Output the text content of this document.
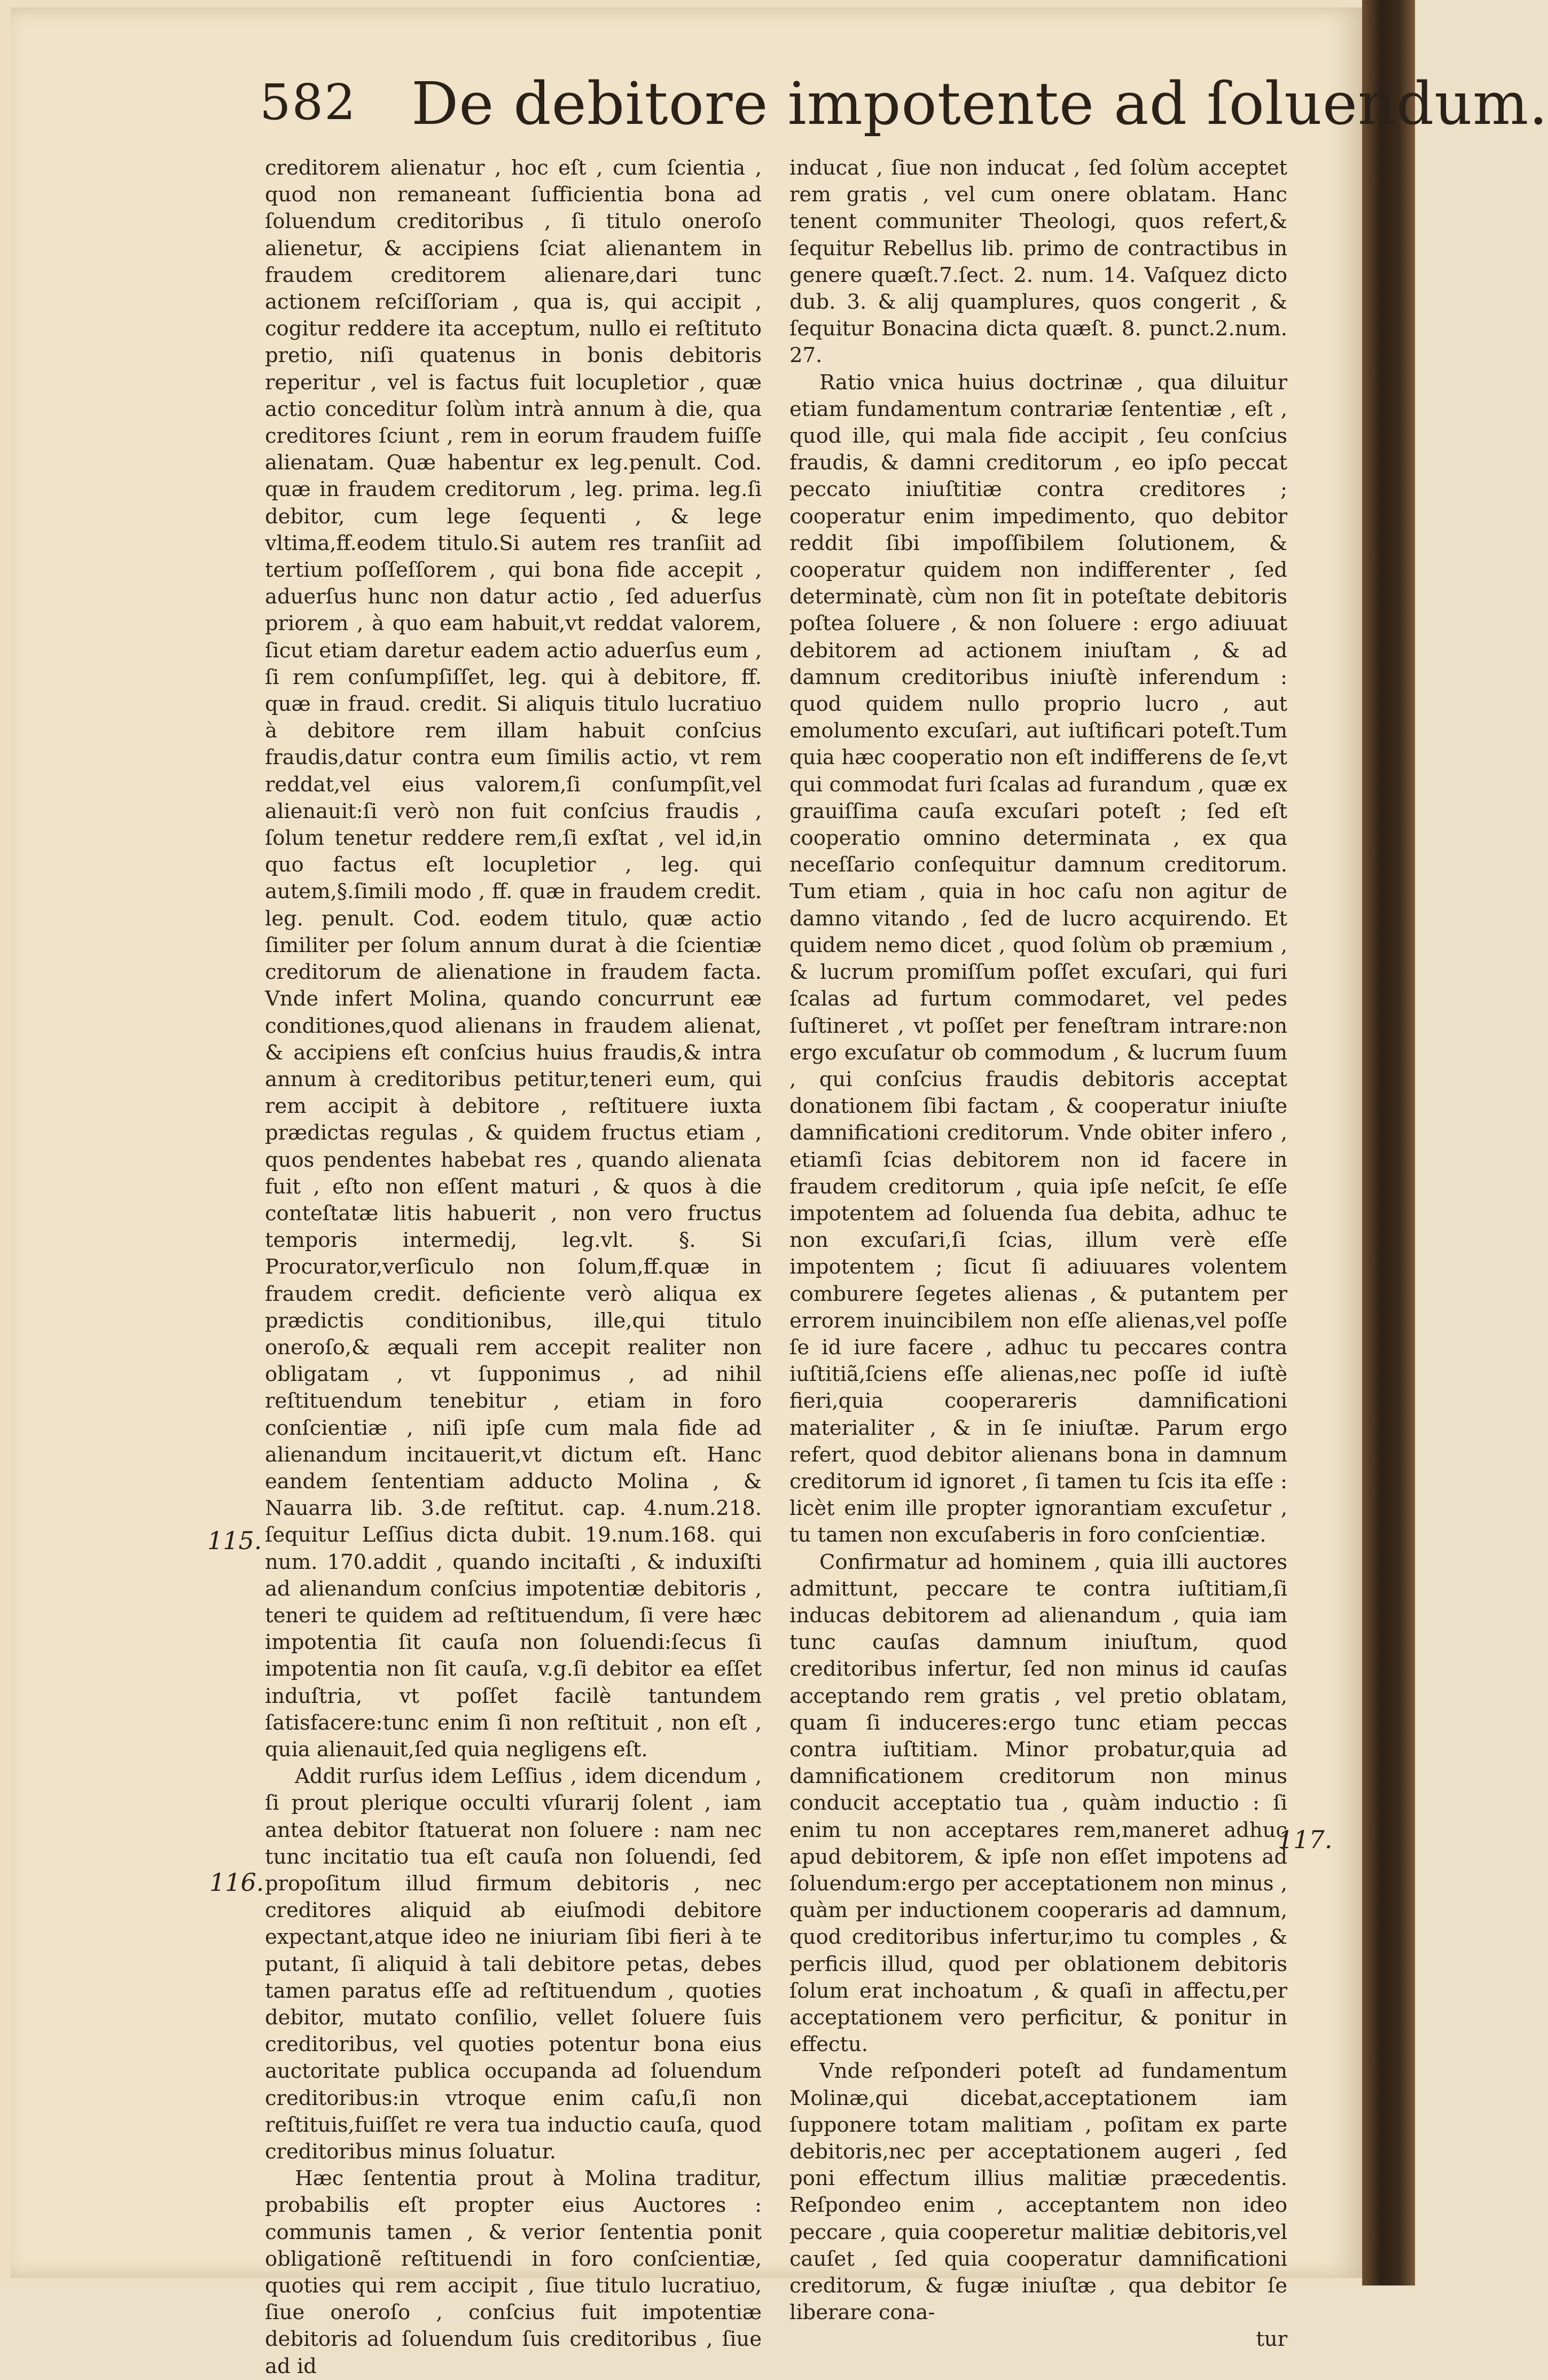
582 De debitore impotente ad ſoluendum.

creditorem alienatur , hoc eſt , cum ſcientia , quod non remaneant ſufficientia bona ad ſoluendum creditoribus , ſi titulo oneroſo alienetur, & accipiens ſciat alienantem in fraudem creditorem alienare,dari tunc actionem reſciſſoriam , qua is, qui accipit , cogitur reddere ita acceptum, nullo ei reſtituto pretio, niſi quatenus in bonis debitoris reperitur , vel is factus fuit locupletior , quæ actio conceditur ſolùm intrà annum à die, qua creditores ſciunt , rem in eorum fraudem fuiſſe alienatam. Quæ habentur ex leg.penult. Cod. quæ in fraudem creditorum , leg. prima. leg.ſi debitor, cum lege ſequenti , & lege vltima,ff.eodem titulo.Si autem res tranſiit ad tertium poſſeſſorem , qui bona fide accepit , aduerſus hunc non datur actio , ſed aduerſus priorem , à quo eam habuit,vt reddat valorem, ſicut etiam daretur eadem actio aduerſus eum , ſi rem conſumpſiſſet, leg. qui à debitore, ff. quæ in fraud. credit. Si aliquis titulo lucratiuo à debitore rem illam habuit conſcius fraudis,datur contra eum ſimilis actio, vt rem reddat,vel eius valorem,ſi conſumpſit,vel alienauit:ſi verò non fuit conſcius fraudis , ſolum tenetur reddere rem,ſi exſtat , vel id,in quo factus eſt locupletior , leg. qui autem,§.ſimili modo , ff. quæ in fraudem credit. leg. penult. Cod. eodem titulo, quæ actio ſimiliter per ſolum annum durat à die ſcientiæ creditorum de alienatione in fraudem facta. Vnde infert Molina, quando concurrunt eæ conditiones,quod alienans in fraudem alienat, & accipiens eſt conſcius huius fraudis,& intra annum à creditoribus petitur,teneri eum, qui rem accipit à debitore , reſtituere iuxta prædictas regulas , & quidem fructus etiam , quos pendentes habebat res , quando alienata fuit , eſto non eſſent maturi , & quos à die conteſtatæ litis habuerit , non vero fructus temporis intermedij, leg.vlt. §. Si Procurator,verſiculo non ſolum,ff.quæ in fraudem credit. deficiente verò aliqua ex prædictis conditionibus, ille,qui titulo oneroſo,& æquali rem accepit realiter non obligatam , vt ſupponimus , ad nihil reſtituendum tenebitur , etiam in foro conſcientiæ , niſi ipſe cum mala fide ad alienandum incitauerit,vt dictum eſt. Hanc eandem ſententiam adducto Molina , & Nauarra lib. 3.de reſtitut. cap. 4.num.218. ſequitur Leſſius dicta dubit. 19.num.168. qui num. 170.addit , quando incitaſti , & induxiſti ad alienandum conſcius impotentiæ debitoris , teneri te quidem ad reſtituendum, ſi vere hæc impotentia ſit cauſa non ſoluendi:ſecus ſi impotentia non ſit cauſa, v.g.ſi debitor ea eſſet induſtria, vt poſſet facilè tantundem ſatisfacere:tunc enim ſi non reſtituit , non eſt , quia alienauit,ſed quia negligens eſt.

Addit rurſus idem Leſſius , idem dicendum , ſi prout plerique occulti vſurarij ſolent , iam antea debitor ſtatuerat non ſoluere : nam nec tunc incitatio tua eſt cauſa non ſoluendi, ſed propoſitum illud firmum debitoris , nec creditores aliquid ab eiuſmodi debitore expectant,atque ideo ne iniuriam ſibi fieri à te putant, ſi aliquid à tali debitore petas, debes tamen paratus eſſe ad reſtituendum , quoties debitor, mutato conſilio, vellet ſoluere ſuis creditoribus, vel quoties potentur bona eius auctoritate publica occupanda ad ſoluendum creditoribus:in vtroque enim caſu,ſi non reſtituis,fuiſſet re vera tua inductio cauſa, quod creditoribus minus ſoluatur.

Hæc ſententia prout à Molina traditur, probabilis eſt propter eius Auctores : communis tamen , & verior ſententia ponit obligationẽ reſtituendi in foro conſcientiæ, quoties qui rem accipit , ſiue titulo lucratiuo, ſiue oneroſo , conſcius fuit impotentiæ debitoris ad ſoluendum ſuis creditoribus , ſiue ad id

inducat , ſiue non inducat , ſed ſolùm acceptet rem gratis , vel cum onere oblatam. Hanc tenent communiter Theologi, quos refert,& ſequitur Rebellus lib. primo de contractibus in genere quæſt.7.ſect. 2. num. 14. Vaſquez dicto dub. 3. & alij quamplures, quos congerit , & ſequitur Bonacina dicta quæſt. 8. punct.2.num. 27.

Ratio vnica huius doctrinæ , qua diluitur etiam fundamentum contrariæ ſententiæ , eſt , quod ille, qui mala fide accipit , ſeu conſcius fraudis, & damni creditorum , eo ipſo peccat peccato iniuſtitiæ contra creditores ; cooperatur enim impedimento, quo debitor reddit ſibi impoſſibilem ſolutionem, & cooperatur quidem non indifferenter , ſed determinatè, cùm non ſit in poteſtate debitoris poſtea ſoluere , & non ſoluere : ergo adiuuat debitorem ad actionem iniuſtam , & ad damnum creditoribus iniuſtè inferendum : quod quidem nullo proprio lucro , aut emolumento excuſari, aut iuſtificari poteſt.Tum quia hæc cooperatio non eſt indifferens de ſe,vt qui commodat furi ſcalas ad furandum , quæ ex grauiſſima cauſa excuſari poteſt ; ſed eſt cooperatio omnino determinata , ex qua neceſſario conſequitur damnum creditorum. Tum etiam , quia in hoc caſu non agitur de damno vitando , ſed de lucro acquirendo. Et quidem nemo dicet , quod ſolùm ob præmium , & lucrum promiſſum poſſet excuſari, qui furi ſcalas ad furtum commodaret, vel pedes ſuſtineret , vt poſſet per feneſtram intrare:non ergo excuſatur ob commodum , & lucrum ſuum , qui conſcius fraudis debitoris acceptat donationem ſibi factam , & cooperatur iniuſte damnificationi creditorum. Vnde obiter infero , etiamſi ſcias debitorem non id facere in fraudem creditorum , quia ipſe neſcit, ſe eſſe impotentem ad ſoluenda ſua debita, adhuc te non excuſari,ſi ſcias, illum verè eſſe impotentem ; ſicut ſi adiuuares volentem comburere ſegetes alienas , & putantem per errorem inuincibilem non eſſe alienas,vel poſſe ſe id iure facere , adhuc tu peccares contra iuſtitiã,ſciens eſſe alienas,nec poſſe id iuſtè fieri,quia cooperareris damnificationi materialiter , & in ſe iniuſtæ. Parum ergo refert, quod debitor alienans bona in damnum creditorum id ignoret , ſi tamen tu ſcis ita eſſe : licèt enim ille propter ignorantiam excuſetur , tu tamen non excuſaberis in foro conſcientiæ.

Confirmatur ad hominem , quia illi auctores admittunt, peccare te contra iuſtitiam,ſi inducas debitorem ad alienandum , quia iam tunc cauſas damnum iniuſtum, quod creditoribus infertur, ſed non minus id cauſas acceptando rem gratis , vel pretio oblatam, quam ſi induceres:ergo tunc etiam peccas contra iuſtitiam. Minor probatur,quia ad damnificationem creditorum non minus conducit acceptatio tua , quàm inductio : ſi enim tu non acceptares rem,maneret adhuc apud debitorem, & ipſe non eſſet impotens ad ſoluendum:ergo per acceptationem non minus , quàm per inductionem cooperaris ad damnum, quod creditoribus infertur,imo tu comples , & perficis illud, quod per oblationem debitoris ſolum erat inchoatum , & quaſi in affectu,per acceptationem vero perficitur, & ponitur in effectu.

Vnde reſponderi poteſt ad fundamentum Molinæ,qui dicebat,acceptationem iam ſupponere totam malitiam , poſitam ex parte debitoris,nec per acceptationem augeri , ſed poni effectum illius malitiæ præcedentis. Reſpondeo enim , acceptantem non ideo peccare , quia cooperetur malitiæ debitoris,vel cauſet , ſed quia cooperatur damnificationi creditorum, & fugæ iniuſtæ , qua debitor ſe liberare cona-

tur

115.
116.
117.
